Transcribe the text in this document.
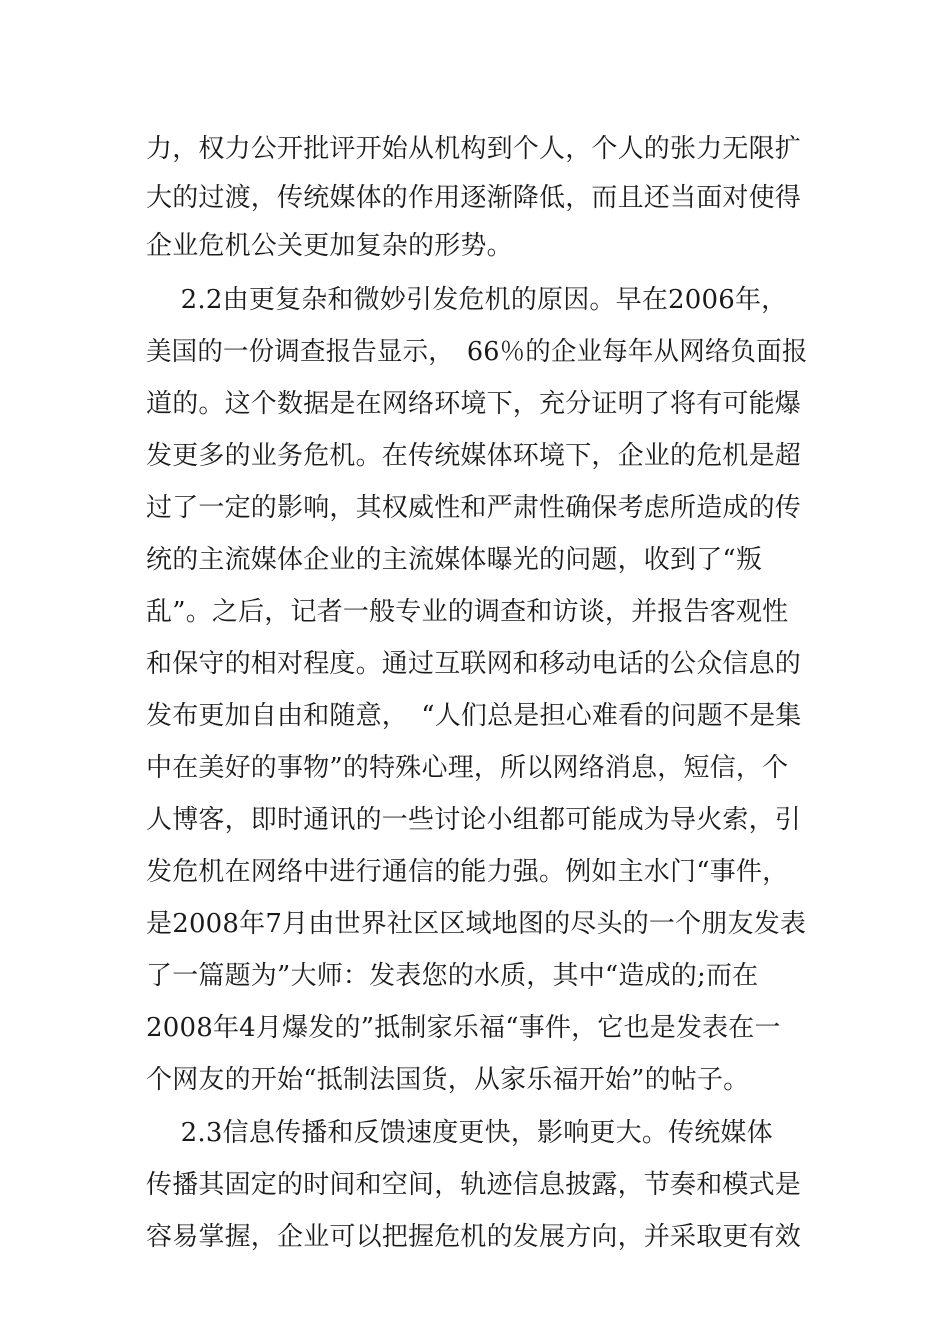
力，权力公开批评开始从机构到个人，个人的张力无限扩
大的过渡，传统媒体的作用逐渐降低，而且还当面对使得
企业危机公关更加复杂的形势。
　 2.2由更复杂和微妙引发危机的原因。早在2006年，
美国的一份调查报告显示，　66％的企业每年从网络负面报
道的。这个数据是在网络环境下，充分证明了将有可能爆
发更多的业务危机。在传统媒体环境下，企业的危机是超
过了一定的影响，其权威性和严肃性确保考虑所造成的传
统的主流媒体企业的主流媒体曝光的问题，收到了“叛
乱”。之后，记者一般专业的调查和访谈，并报告客观性
和保守的相对程度。通过互联网和移动电话的公众信息的
发布更加自由和随意，　“人们总是担心难看的问题不是集
中在美好的事物”的特殊心理，所以网络消息，短信，个
人博客，即时通讯的一些讨论小组都可能成为导火索，引
发危机在网络中进行通信的能力强。例如主水门“事件，
是2008年7月由世界社区区域地图的尽头的一个朋友发表
了一篇题为”大师：发表您的水质，其中“造成的;而在
2008年4月爆发的”抵制家乐福“事件，它也是发表在一
个网友的开始“抵制法国货，从家乐福开始”的帖子。
　 2.3信息传播和反馈速度更快，影响更大。传统媒体
传播其固定的时间和空间，轨迹信息披露，节奏和模式是
容易掌握，企业可以把握危机的发展方向，并采取更有效
